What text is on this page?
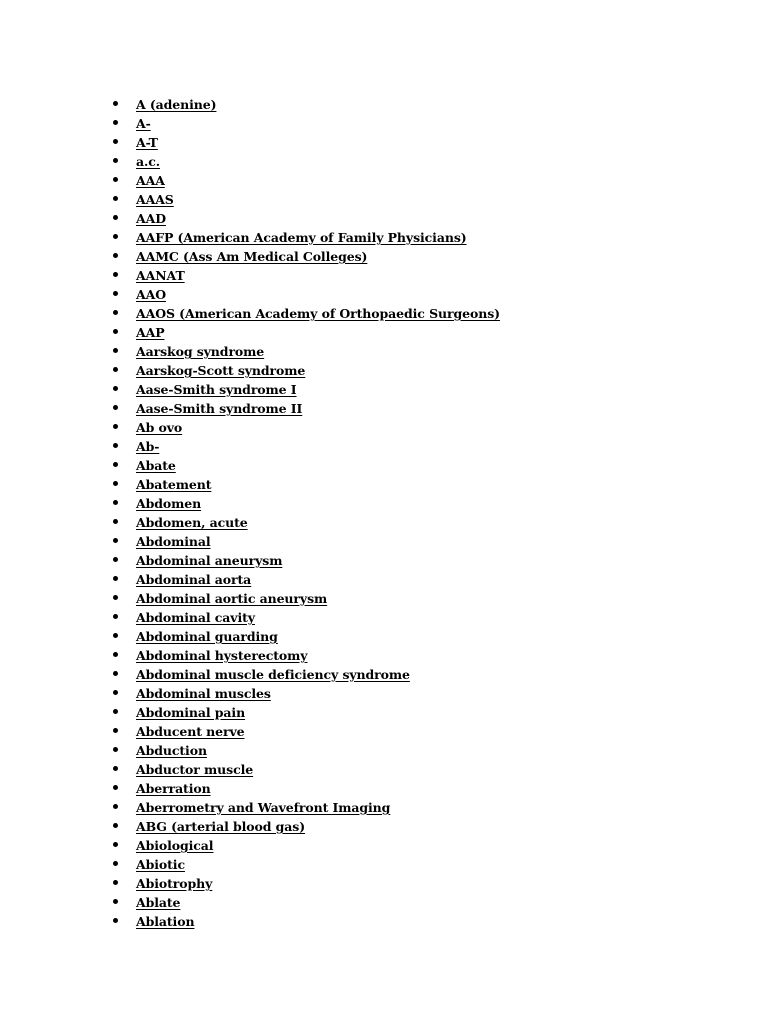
A (adenine)
A-
A-T
a.c.
AAA
AAAS
AAD
AAFP (American Academy of Family Physicians)
AAMC (Ass Am Medical Colleges)
AANAT
AAO
AAOS (American Academy of Orthopaedic Surgeons)
AAP
Aarskog syndrome
Aarskog-Scott syndrome
Aase-Smith syndrome I
Aase-Smith syndrome II
Ab ovo
Ab-
Abate
Abatement
Abdomen
Abdomen, acute
Abdominal
Abdominal aneurysm
Abdominal aorta
Abdominal aortic aneurysm
Abdominal cavity
Abdominal guarding
Abdominal hysterectomy
Abdominal muscle deficiency syndrome
Abdominal muscles
Abdominal pain
Abducent nerve
Abduction
Abductor muscle
Aberration
Aberrometry and Wavefront Imaging
ABG (arterial blood gas)
Abiological
Abiotic
Abiotrophy
Ablate
Ablation
